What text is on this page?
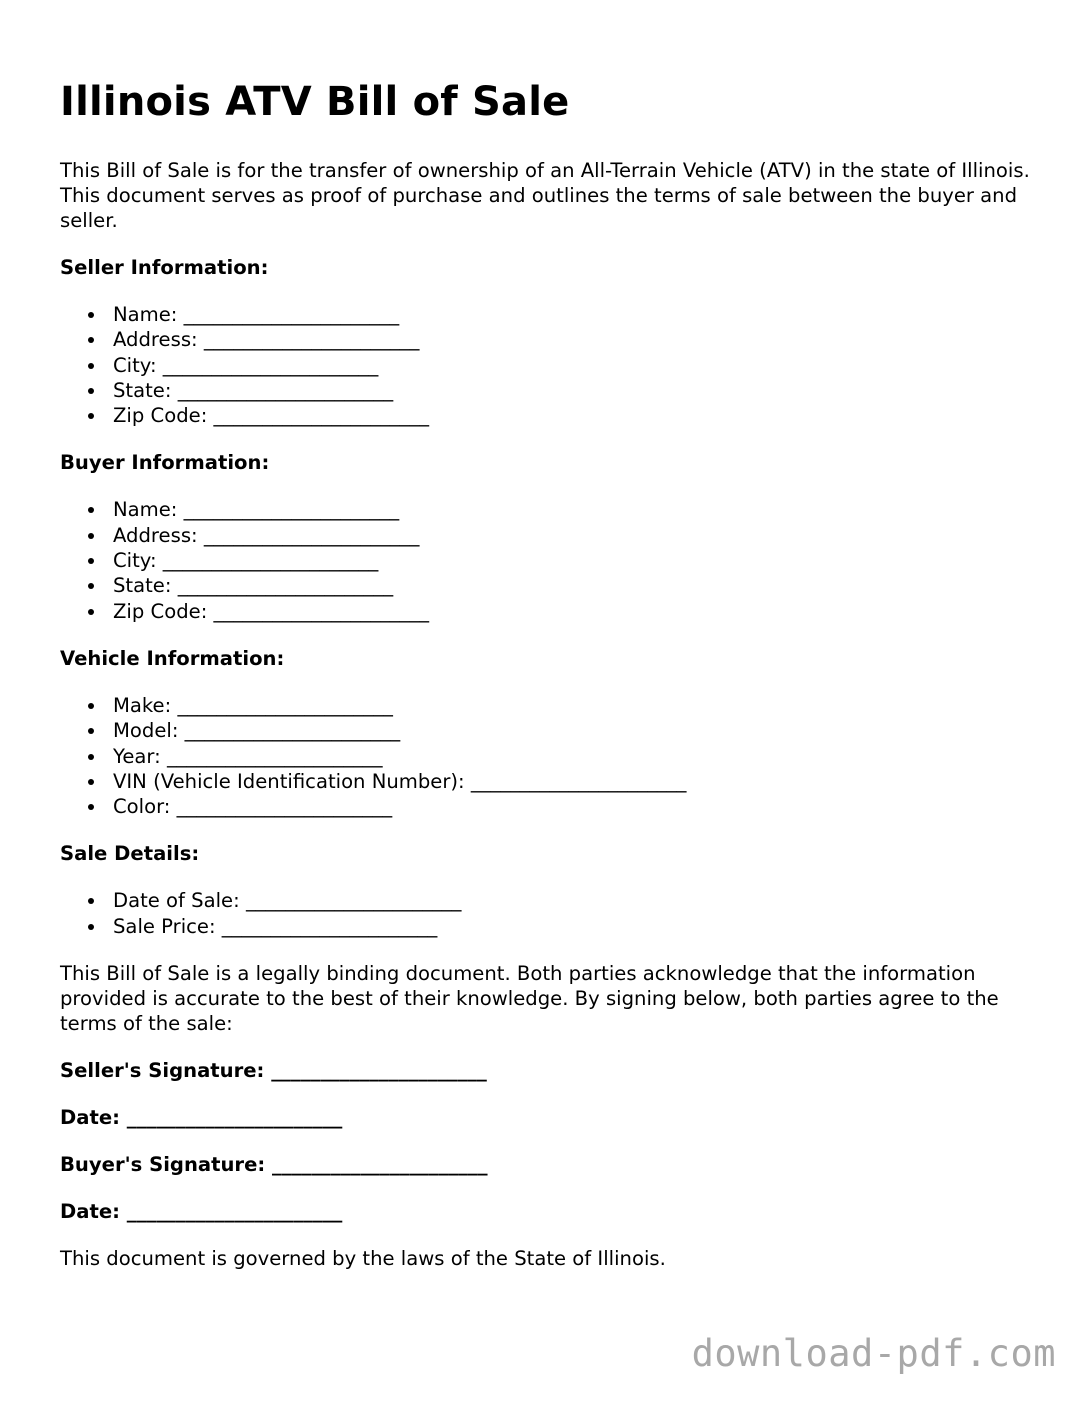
Illinois ATV Bill of Sale

This Bill of Sale is for the transfer of ownership of an All-Terrain Vehicle (ATV) in the state of Illinois. This document serves as proof of purchase and outlines the terms of sale between the buyer and seller.

Seller Information:
Name: ______________________
Address: ______________________
City: ______________________
State: ______________________
Zip Code: ______________________
Buyer Information:
Name: ______________________
Address: ______________________
City: ______________________
State: ______________________
Zip Code: ______________________
Vehicle Information:
Make: ______________________
Model: ______________________
Year: ______________________
VIN (Vehicle Identification Number): ______________________
Color: ______________________
Sale Details:
Date of Sale: ______________________
Sale Price: ______________________

This Bill of Sale is a legally binding document. Both parties acknowledge that the information provided is accurate to the best of their knowledge. By signing below, both parties agree to the terms of the sale:

Seller's Signature: ______________________
Date: ______________________
Buyer's Signature: ______________________
Date: ______________________

This document is governed by the laws of the State of Illinois.

download-pdf.com
